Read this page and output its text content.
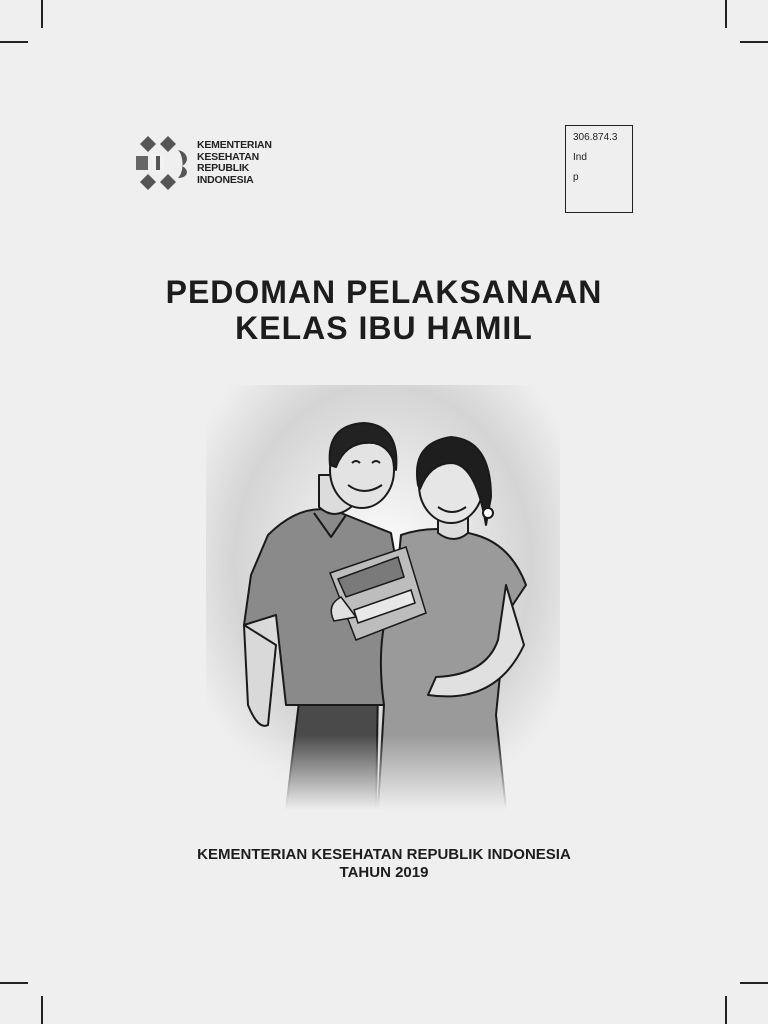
KEMENTERIAN
KESEHATAN
REPUBLIK
INDONESIA
306.874.3
Ind
p
PEDOMAN PELAKSANAAN
KELAS IBU HAMIL
KEMENTERIAN KESEHATAN REPUBLIK INDONESIA
TAHUN 2019
